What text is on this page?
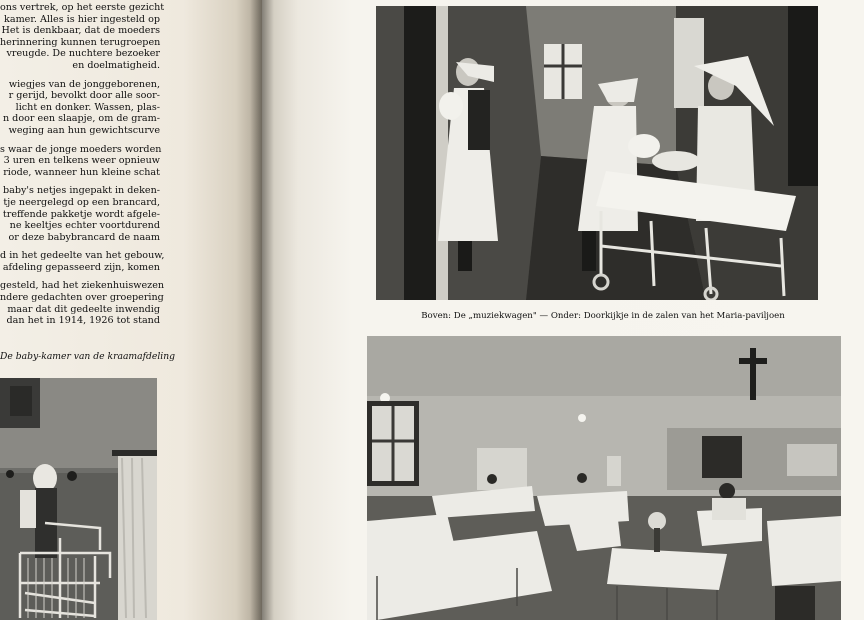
ons vertrek, op het eerste gezicht

kamer. Alles is hier ingesteld op

Het is denkbaar, dat de moeders

herinnering kunnen terugroepen

vreugde. De nuchtere bezoeker

en doelmatigheid.

wiegjes van de jonggeborenen,

r gerijd, bevolkt door alle soor-

licht en donker. Wassen, plas-

n door een slaapje, om de gram-

weging aan hun gewichtscurve

s waar de jonge moeders worden

3 uren en telkens weer opnieuw

riode, wanneer hun kleine schat

baby's netjes ingepakt in deken-

tje neergelegd op een brancard,

treffende pakketje wordt afgele-

ne keeltjes echter voortdurend

or deze babybrancard de naam

d in het gedeelte van het gebouw,

afdeling gepasseerd zijn, komen

gesteld, had het ziekenhuiswezen

ndere gedachten over groepering

maar dat dit gedeelte inwendig

dan het in 1914, 1926 tot stand

De baby-kamer van de kraamafdeling
Boven: De „muziekwagen" — Onder: Doorkijkje in de zalen van het Maria-paviljoen
